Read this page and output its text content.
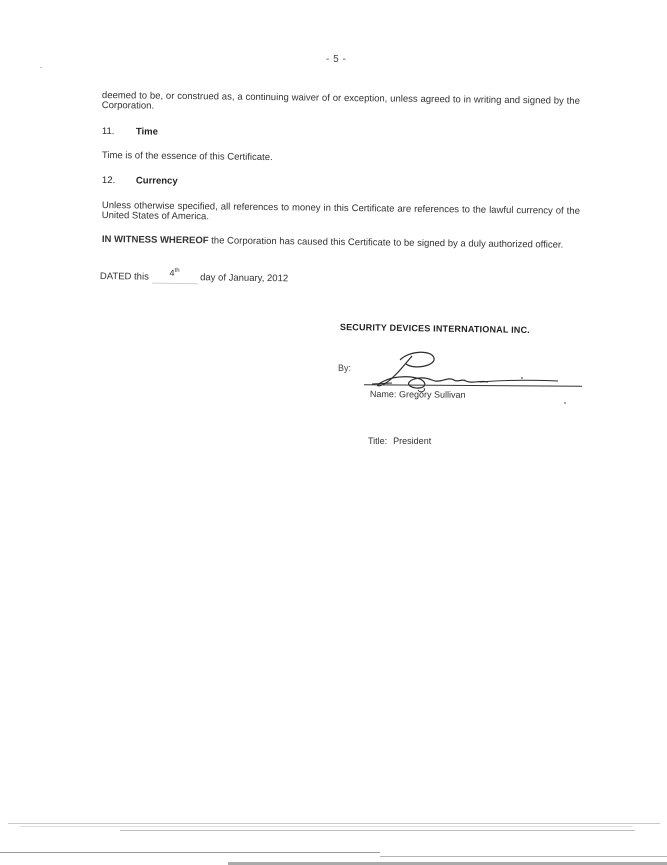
- 5 -
deemed to be, or construed as, a continuing waiver of or exception, unless agreed to in writing and signed by the Corporation.
11. Time
Time is of the essence of this Certificate.
12. Currency
Unless otherwise specified, all references to money in this Certificate are references to the lawful currency of the United States of America.
IN WITNESS WHEREOF the Corporation has caused this Certificate to be signed by a duly authorized officer.
DATED this 4th day of January, 2012
SECURITY DEVICES INTERNATIONAL INC.
By:
Name: Gregory Sullivan
Title: President
